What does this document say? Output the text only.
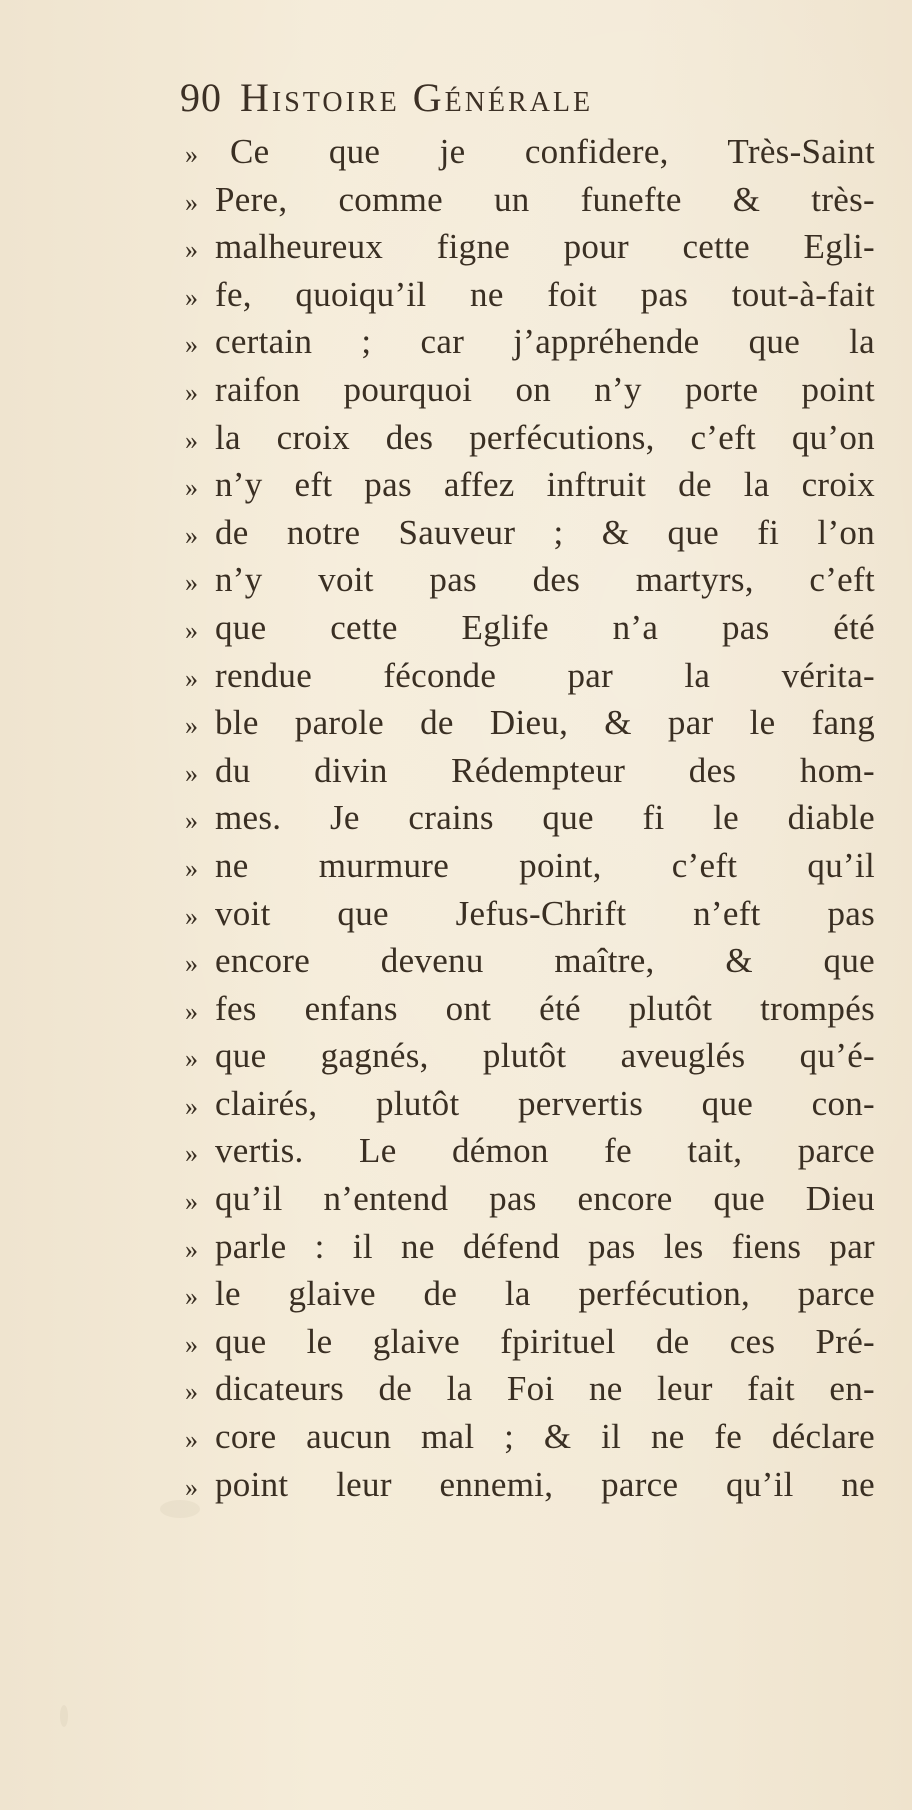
90 Histoire Générale
» Ce que je confidere, Très-Saint
» Pere, comme un funefte & très-
» malheureux figne pour cette Egli-
» fe, quoiqu’il ne foit pas tout-à-fait
» certain ; car j’appréhende que la
» raifon pourquoi on n’y porte point
» la croix des perfécutions, c’eft qu’on
» n’y eft pas affez inftruit de la croix
» de notre Sauveur ; & que fi l’on
» n’y voit pas des martyrs, c’eft
» que cette Eglife n’a pas été
» rendue féconde par la vérita-
» ble parole de Dieu, & par le fang
» du divin Rédempteur des hom-
» mes. Je crains que fi le diable
» ne murmure point, c’eft qu’il
» voit que Jefus-Chrift n’eft pas
» encore devenu maître, & que
» fes enfans ont été plutôt trompés
» que gagnés, plutôt aveuglés qu’é-
» clairés, plutôt pervertis que con-
» vertis. Le démon fe tait, parce
» qu’il n’entend pas encore que Dieu
» parle : il ne défend pas les fiens par
» le glaive de la perfécution, parce
» que le glaive fpirituel de ces Pré-
» dicateurs de la Foi ne leur fait en-
» core aucun mal ; & il ne fe déclare
» point leur ennemi, parce qu’il ne
